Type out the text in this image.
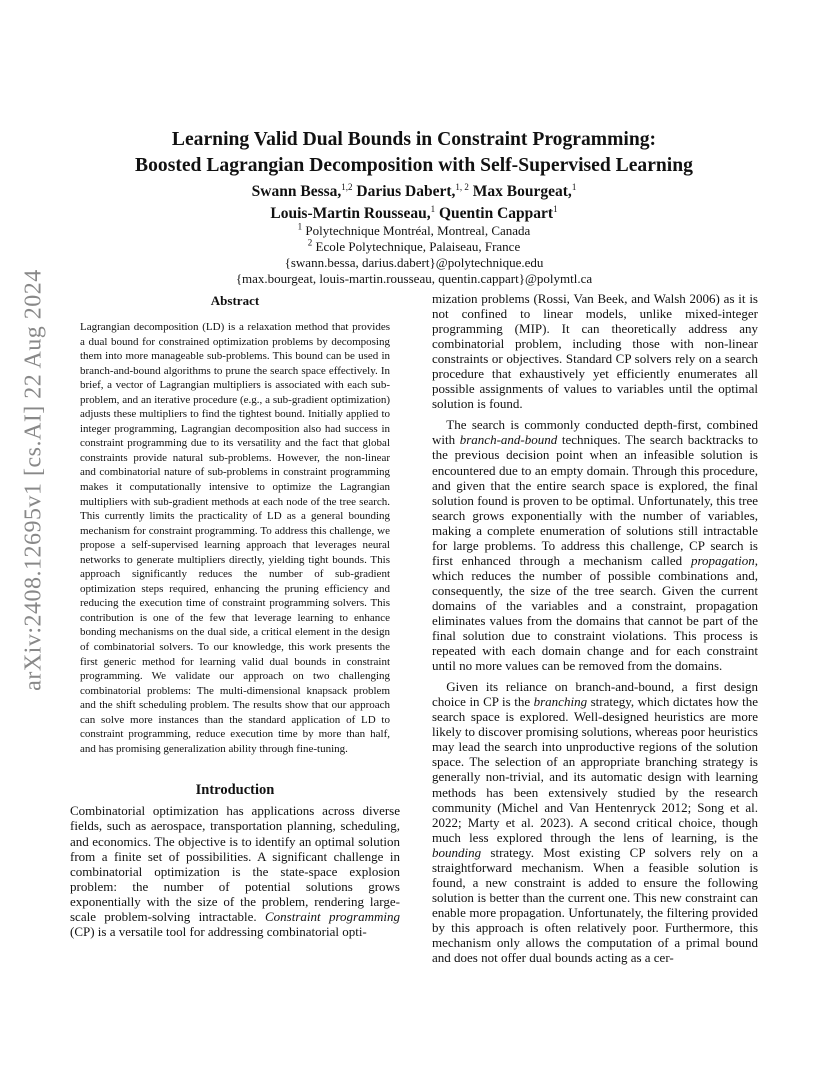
arXiv:2408.12695v1 [cs.AI] 22 Aug 2024
Learning Valid Dual Bounds in Constraint Programming:
Boosted Lagrangian Decomposition with Self-Supervised Learning
Swann Bessa,$^{1,2}$ Darius Dabert,$^{1, 2}$ Max Bourgeat,$^1$
Louis-Martin Rousseau,$^1$ Quentin Cappart$^1$
$^1$ Polytechnique Montréal, Montreal, Canada
$^2$ Ecole Polytechnique, Palaiseau, France
{swann.bessa, darius.dabert}@polytechnique.edu
{max.bourgeat, louis-martin.rousseau, quentin.cappart}@polymtl.ca
Abstract

Lagrangian decomposition (LD) is a relaxation method that provides a dual bound for constrained optimization problems by decomposing them into more manageable sub-problems. This bound can be used in branch-and-bound algorithms to prune the search space effectively. In brief, a vector of Lagrangian multipliers is associated with each sub-problem, and an iterative procedure (e.g., a sub-gradient optimization) adjusts these multipliers to find the tightest bound. Initially applied to integer programming, Lagrangian decomposition also had success in constraint programming due to its versatility and the fact that global constraints provide natural sub-problems. However, the non-linear and combinatorial nature of sub-problems in constraint programming makes it computationally intensive to optimize the Lagrangian multipliers with sub-gradient methods at each node of the tree search. This currently limits the practicality of LD as a general bounding mechanism for constraint programming. To address this challenge, we propose a self-supervised learning approach that leverages neural networks to generate multipliers directly, yielding tight bounds. This approach significantly reduces the number of sub-gradient optimization steps required, enhancing the pruning efficiency and reducing the execution time of constraint programming solvers. This contribution is one of the few that leverage learning to enhance bonding mechanisms on the dual side, a critical element in the design of combinatorial solvers. To our knowledge, this work presents the first generic method for learning valid dual bounds in constraint programming. We validate our approach on two challenging combinatorial problems: The multi-dimensional knapsack problem and the shift scheduling problem. The results show that our approach can solve more instances than the standard application of LD to constraint programming, reduce execution time by more than half, and has promising generalization ability through fine-tuning.

Introduction

Combinatorial optimization has applications across diverse fields, such as aerospace, transportation planning, scheduling, and economics. The objective is to identify an optimal solution from a finite set of possibilities. A significant challenge in combinatorial optimization is the state-space explosion problem: the number of potential solutions grows exponentially with the size of the problem, rendering large-scale problem-solving intractable. Constraint programming (CP) is a versatile tool for addressing combinatorial opti-

mization problems (Rossi, Van Beek, and Walsh 2006) as it is not confined to linear models, unlike mixed-integer programming (MIP). It can theoretically address any combinatorial problem, including those with non-linear constraints or objectives. Standard CP solvers rely on a search procedure that exhaustively yet efficiently enumerates all possible assignments of values to variables until the optimal solution is found.

The search is commonly conducted depth-first, combined with branch-and-bound techniques. The search backtracks to the previous decision point when an infeasible solution is encountered due to an empty domain. Through this procedure, and given that the entire search space is explored, the final solution found is proven to be optimal. Unfortunately, this tree search grows exponentially with the number of variables, making a complete enumeration of solutions still intractable for large problems. To address this challenge, CP search is first enhanced through a mechanism called propagation, which reduces the number of possible combinations and, consequently, the size of the tree search. Given the current domains of the variables and a constraint, propagation eliminates values from the domains that cannot be part of the final solution due to constraint violations. This process is repeated with each domain change and for each constraint until no more values can be removed from the domains.

Given its reliance on branch-and-bound, a first design choice in CP is the branching strategy, which dictates how the search space is explored. Well-designed heuristics are more likely to discover promising solutions, whereas poor heuristics may lead the search into unproductive regions of the solution space. The selection of an appropriate branching strategy is generally non-trivial, and its automatic design with learning methods has been extensively studied by the research community (Michel and Van Hentenryck 2012; Song et al. 2022; Marty et al. 2023). A second critical choice, though much less explored through the lens of learning, is the bounding strategy. Most existing CP solvers rely on a straightforward mechanism. When a feasible solution is found, a new constraint is added to ensure the following solution is better than the current one. This new constraint can enable more propagation. Unfortunately, the filtering provided by this approach is often relatively poor. Furthermore, this mechanism only allows the computation of a primal bound and does not offer dual bounds acting as a cer-
